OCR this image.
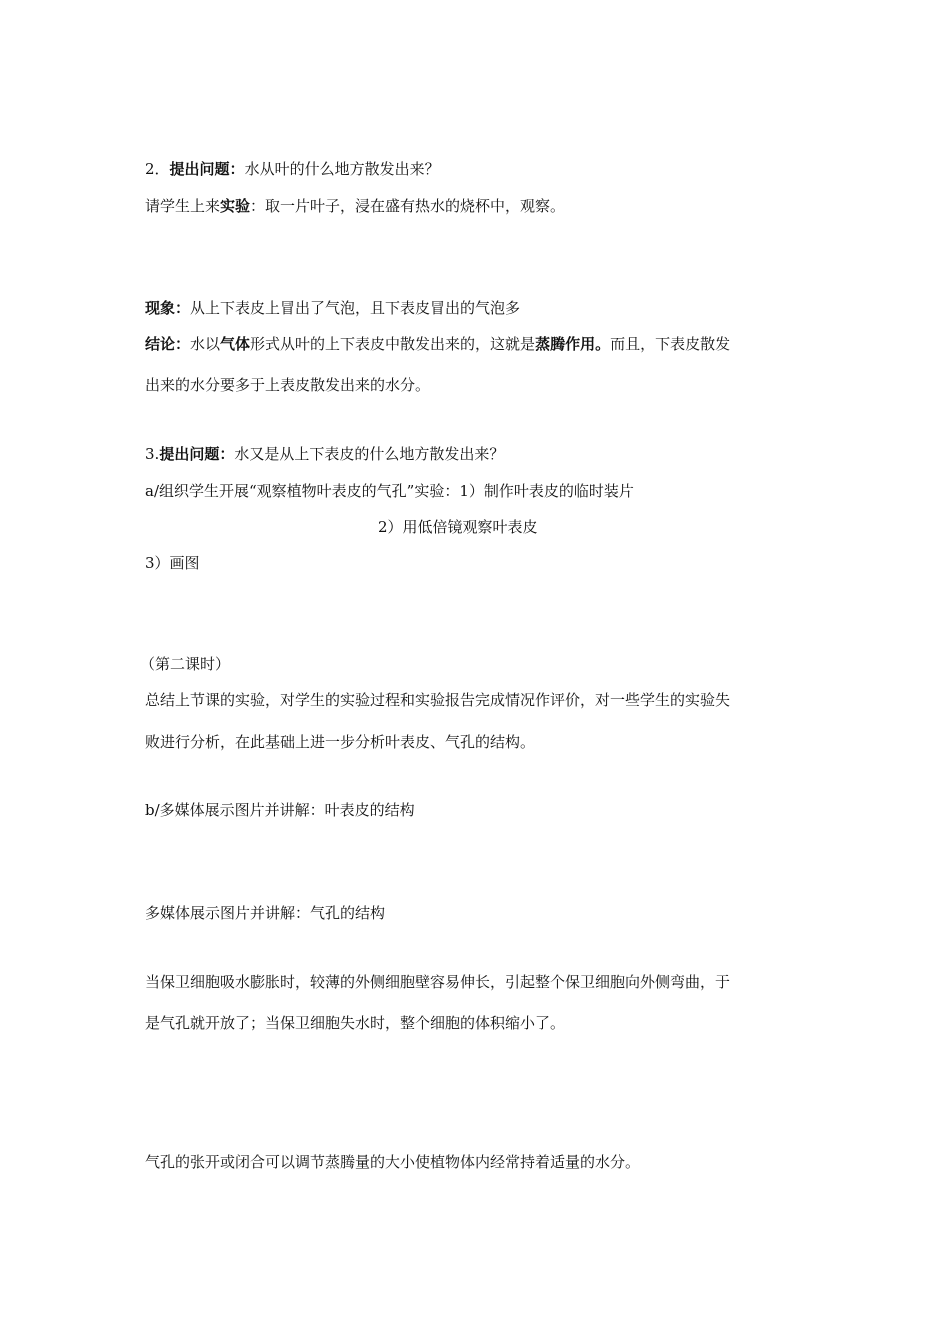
2．提出问题：水从叶的什么地方散发出来？
请学生上来实验：取一片叶子，浸在盛有热水的烧杯中，观察。
现象：从上下表皮上冒出了气泡，且下表皮冒出的气泡多
结论：水以气体形式从叶的上下表皮中散发出来的，这就是蒸腾作用。而且，下表皮散发
出来的水分要多于上表皮散发出来的水分。
3.提出问题：水又是从上下表皮的什么地方散发出来？
a/组织学生开展“观察植物叶表皮的气孔”实验：1）制作叶表皮的临时装片
2）用低倍镜观察叶表皮
3）画图
（第二课时）
总结上节课的实验，对学生的实验过程和实验报告完成情况作评价，对一些学生的实验失
败进行分析，在此基础上进一步分析叶表皮、气孔的结构。
b/多媒体展示图片并讲解：叶表皮的结构
多媒体展示图片并讲解：气孔的结构
当保卫细胞吸水膨胀时，较薄的外侧细胞壁容易伸长，引起整个保卫细胞向外侧弯曲，于
是气孔就开放了；当保卫细胞失水时，整个细胞的体积缩小了。
气孔的张开或闭合可以调节蒸腾量的大小使植物体内经常持着适量的水分。
